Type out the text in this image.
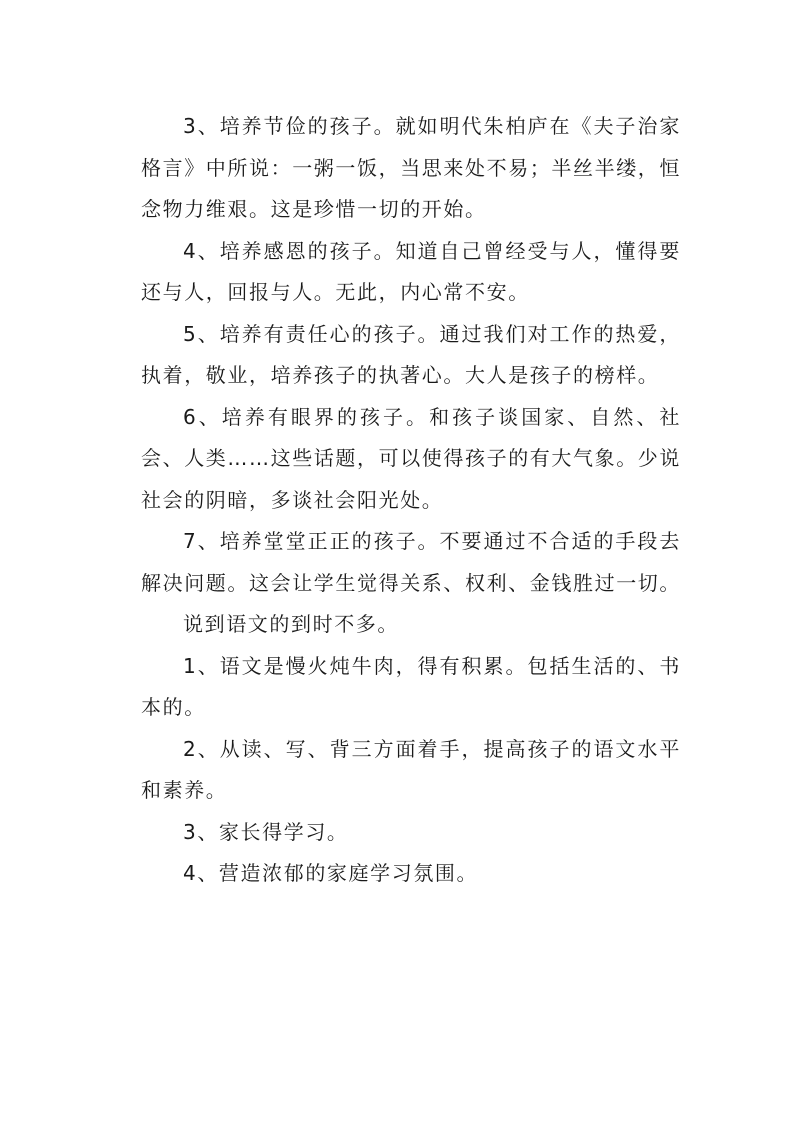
3、培养节俭的孩子。就如明代朱柏庐在《夫子治家格言》中所说：一粥一饭，当思来处不易；半丝半缕，恒念物力维艰。这是珍惜一切的开始。

4、培养感恩的孩子。知道自己曾经受与人，懂得要还与人，回报与人。无此，内心常不安。

5、培养有责任心的孩子。通过我们对工作的热爱，执着，敬业，培养孩子的执著心。大人是孩子的榜样。

6、培养有眼界的孩子。和孩子谈国家、自然、社会、人类……这些话题，可以使得孩子的有大气象。少说社会的阴暗，多谈社会阳光处。

7、培养堂堂正正的孩子。不要通过不合适的手段去解决问题。这会让学生觉得关系、权利、金钱胜过一切。

说到语文的到时不多。

1、语文是慢火炖牛肉，得有积累。包括生活的、书本的。

2、从读、写、背三方面着手，提高孩子的语文水平和素养。

3、家长得学习。

4、营造浓郁的家庭学习氛围。
